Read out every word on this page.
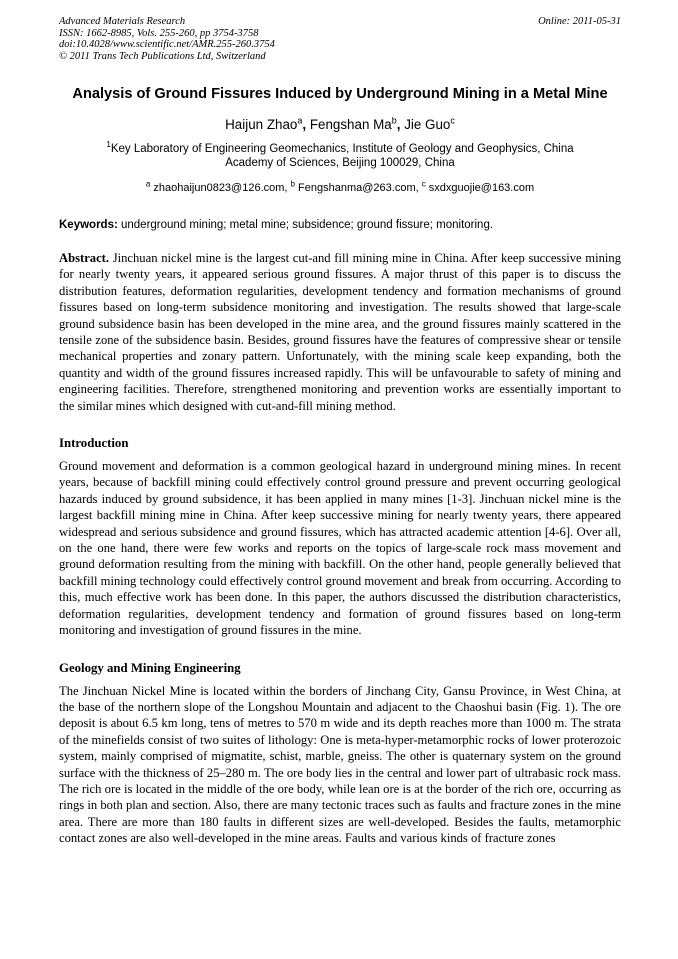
Advanced Materials Research
ISSN: 1662-8985, Vols. 255-260, pp 3754-3758
doi:10.4028/www.scientific.net/AMR.255-260.3754
© 2011 Trans Tech Publications Ltd, Switzerland
Online: 2011-05-31
Analysis of Ground Fissures Induced by Underground Mining in a Metal Mine
Haijun Zhao$^a$, Fengshan Ma$^b$, Jie Guo$^c$
$^1$Key Laboratory of Engineering Geomechanics, Institute of Geology and Geophysics, China Academy of Sciences, Beijing 100029, China
$^a$ zhaohaijun0823@126.com, $^b$ Fengshanma@263.com, $^c$ sxdxguojie@163.com

Keywords: underground mining; metal mine; subsidence; ground fissure; monitoring.

Abstract. Jinchuan nickel mine is the largest cut-and fill mining mine in China. After keep successive mining for nearly twenty years, it appeared serious ground fissures. A major thrust of this paper is to discuss the distribution features, deformation regularities, development tendency and formation mechanisms of ground fissures based on long-term subsidence monitoring and investigation. The results showed that large-scale ground subsidence basin has been developed in the mine area, and the ground fissures mainly scattered in the tensile zone of the subsidence basin. Besides, ground fissures have the features of compressive shear or tensile mechanical properties and zonary pattern. Unfortunately, with the mining scale keep expanding, both the quantity and width of the ground fissures increased rapidly. This will be unfavourable to safety of mining and engineering facilities. Therefore, strengthened monitoring and prevention works are essentially important to the similar mines which designed with cut-and-fill mining method.

Introduction

Ground movement and deformation is a common geological hazard in underground mining mines. In recent years, because of backfill mining could effectively control ground pressure and prevent occurring geological hazards induced by ground subsidence, it has been applied in many mines [1-3]. Jinchuan nickel mine is the largest backfill mining mine in China. After keep successive mining for nearly twenty years, there appeared widespread and serious subsidence and ground fissures, which has attracted academic attention [4-6]. Over all, on the one hand, there were few works and reports on the topics of large-scale rock mass movement and ground deformation resulting from the mining with backfill. On the other hand, people generally believed that backfill mining technology could effectively control ground movement and break from occurring. According to this, much effective work has been done. In this paper, the authors discussed the distribution characteristics, deformation regularities, development tendency and formation of ground fissures based on long-term monitoring and investigation of ground fissures in the mine.

Geology and Mining Engineering

The Jinchuan Nickel Mine is located within the borders of Jinchang City, Gansu Province, in West China, at the base of the northern slope of the Longshou Mountain and adjacent to the Chaoshui basin (Fig. 1). The ore deposit is about 6.5 km long, tens of metres to 570 m wide and its depth reaches more than 1000 m. The strata of the minefields consist of two suites of lithology: One is meta-hyper-metamorphic rocks of lower proterozoic system, mainly comprised of migmatite, schist, marble, gneiss. The other is quaternary system on the ground surface with the thickness of 25–280 m. The ore body lies in the central and lower part of ultrabasic rock mass. The rich ore is located in the middle of the ore body, while lean ore is at the border of the rich ore, occurring as rings in both plan and section. Also, there are many tectonic traces such as faults and fracture zones in the mine area. There are more than 180 faults in different sizes are well-developed. Besides the faults, metamorphic contact zones are also well-developed in the mine areas. Faults and various kinds of fracture zones
